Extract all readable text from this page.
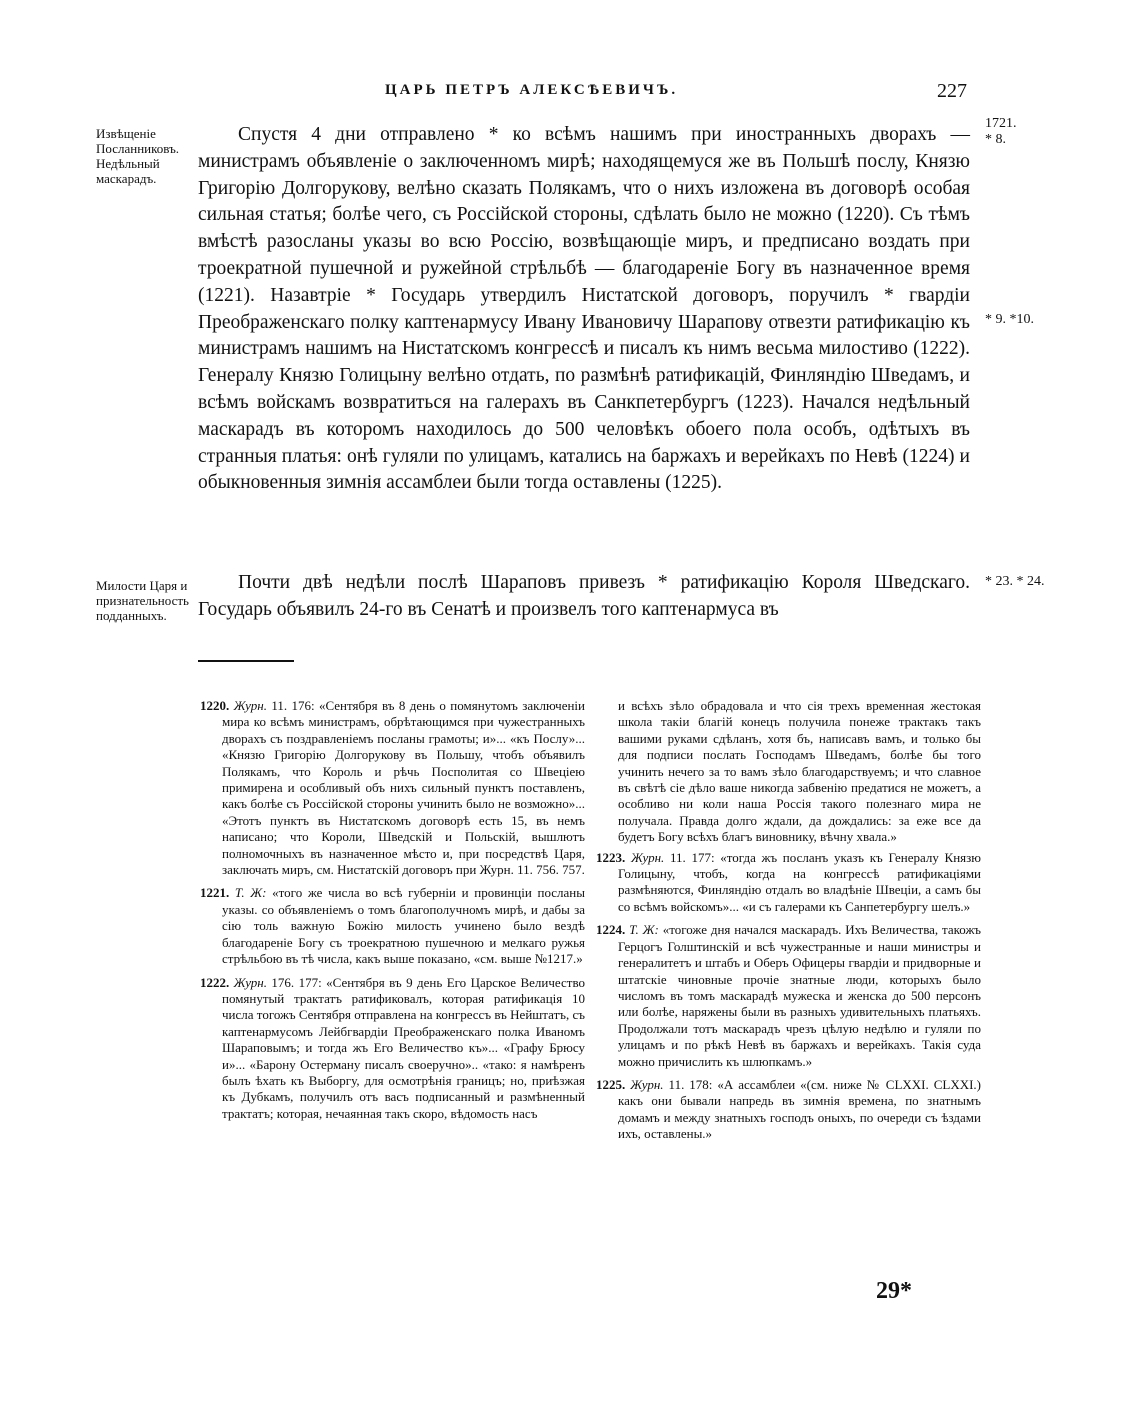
ЦАРЬ ПЕТРЪ АЛЕКСѢЕВИЧЪ.	227
Извѣщеніе Посланниковъ. Недѣльный маскарадъ.
Милости Царя и признательность подданныхъ.
1721.
* 8.
* 9. *10.
* 23. * 24.

Спустя 4 дни отправлено * ко всѣмъ нашимъ при иностранныхъ дворахъ — министрамъ объявленіе о заключенномъ мирѣ; находящемуся же въ Польшѣ послу, Князю Григорію Долгорукову, велѣно сказать Полякамъ, что о нихъ изложена въ договорѣ особая сильная статья; болѣе чего, съ Россійской стороны, сдѣлать было не можно (1220). Съ тѣмъ вмѣстѣ разосланы указы во всю Россію, возвѣщающіе миръ, и предписано воздать при троекратной пушечной и ружейной стрѣльбѣ — благодареніе Богу въ назначенное время (1221). Назавтріе * Государь утвердилъ Нистатской договоръ, поручилъ * гвардіи Преображенскаго полку каптенармусу Ивану Ивановичу Шарапову отвезти ратификацію къ министрамъ нашимъ на Нистатскомъ конгрессѣ и писалъ къ нимъ весьма милостиво (1222). Генералу Князю Голицыну велѣно отдать, по размѣнѣ ратификацій, Финляндію Шведамъ, и всѣмъ войскамъ возвратиться на галерахъ въ Санкпетербургъ (1223). Начался недѣльный маскарадъ въ которомъ находилось до 500 человѣкъ обоего пола особъ, одѣтыхъ въ странныя платья: онѣ гуляли по улицамъ, катались на баржахъ и верейкахъ по Невѣ (1224) и обыкновенныя зимнія ассамблеи были тогда оставлены (1225).

Почти двѣ недѣли послѣ Шараповъ привезъ * ратификацію Короля Шведскаго. Государь объявилъ 24-го въ Сенатѣ и произвелъ того каптенармуса въ

1220. Журн. 11. 176: «Сентября въ 8 день о помянутомъ заключеніи мира ко всѣмъ министрамъ, обрѣтающимся при чужестранныхъ дворахъ съ поздравленіемъ посланы грамоты; и»... «къ Послу»... «Князю Григорію Долгорукову въ Польшу, чтобъ объявилъ Полякамъ, что Король и рѣчь Посполитая со Швеціею примирена и особливый объ нихъ сильный пунктъ поставленъ, какъ болѣе съ Россійской стороны учинить было не возможно»... «Этотъ пунктъ въ Нистатскомъ договорѣ есть 15, въ немъ написано; что Короли, Шведскій и Польскій, вышлютъ полномочныхъ въ назначенное мѣсто и, при посредствѣ Царя, заключать миръ, см. Нистатскій договоръ при Журн. 11. 756. 757.

1221. Т. Ж: «того же числа во всѣ губерніи и провинціи посланы указы. со объявленіемъ о томъ благополучномъ мирѣ, и дабы за сію толь важную Божію милость учинено было вездѣ благодареніе Богу съ троекратною пушечною и мелкаго ружья стрѣльбою въ тѣ числа, какъ выше показано, «см. выше №1217.»

1222. Журн. 176. 177: «Сентября въ 9 день Его Царское Величество помянутый трактатъ ратификовалъ, которая ратификація 10 числа тогожъ Сентября отправлена на конгрессъ въ Нейштатъ, съ каптенармусомъ Лейбгвардіи Преображенскаго полка Иваномъ Шараповымъ; и тогда жъ Его Величество къ»... «Графу Брюсу и»... «Барону Остерману писалъ своеручно».. «тако: я намѣренъ былъ ѣхать къ Выборгу, для осмотрѣнія границъ; но, приѣзжая къ Дубкамъ, получилъ отъ васъ подписанный и размѣненный трактатъ; которая, нечаянная такъ скоро, вѣдомость насъ

и всѣхъ зѣло обрадовала и что сія трехъ временная жестокая школа такіи благій конецъ получила понеже трактакъ такъ вашими руками сдѣланъ, хотя бъ, написавъ вамъ, и только бы для подписи послать Господамъ Шведамъ, болѣе бы того учинить нечего за то вамъ зѣло благодарствуемъ; и что славное въ свѣтѣ сіе дѣло ваше никогда забвенію предатися не можетъ, а особливо ни коли наша Россія такого полезнаго мира не получала. Правда долго ждали, да дождались: за еже все да будетъ Богу всѣхъ благъ виновнику, вѣчну хвала.»

1223. Журн. 11. 177: «тогда жъ посланъ указъ къ Генералу Князю Голицыну, чтобъ, когда на конгрессѣ ратификаціями размѣняются, Финляндію отдалъ во владѣніе Швеціи, а самъ бы со всѣмъ войскомъ»... «и съ галерами къ Санпетербургу шелъ.»

1224. Т. Ж: «тогоже дня начался маскарадъ. Ихъ Величества, такожъ Герцогъ Голштинскій и всѣ чужестранные и наши министры и генералитетъ и штабъ и Оберъ Офицеры гвардіи и придворные и штатскіе чиновные прочіе знатные люди, которыхъ было числомъ въ томъ маскарадѣ мужеска и женска до 500 персонъ или болѣе, наряжены были въ разныхъ удивительныхъ платьяхъ. Продолжали тотъ маскарадъ чрезъ цѣлую недѣлю и гуляли по улицамъ и по рѣкѣ Невѣ въ баржахъ и верейкахъ. Такія суда можно причислить къ шлюпкамъ.»

1225. Журн. 11. 178: «А ассамблеи «(см. ниже № CLXXI. CLXXI.) какъ они бывали напредь въ зимнія времена, по знатнымъ домамъ и между знатныхъ господъ оныхъ, по очереди съ ѣздами ихъ, оставлены.»

29*
